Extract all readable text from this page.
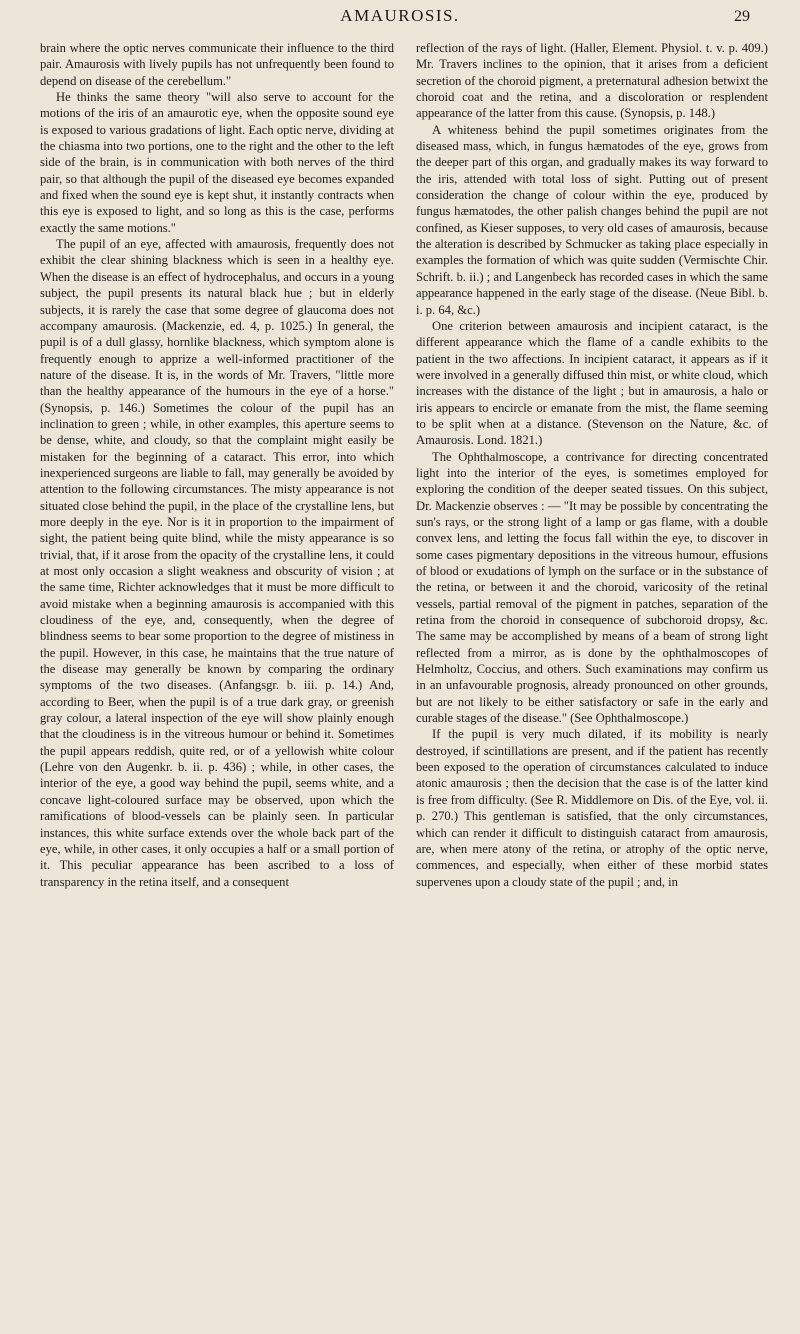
AMAUROSIS.	29

brain where the optic nerves communicate their influence to the third pair. Amaurosis with lively pupils has not unfrequently been found to depend on disease of the cerebellum."

He thinks the same theory "will also serve to account for the motions of the iris of an amaurotic eye, when the opposite sound eye is exposed to various gradations of light. Each optic nerve, dividing at the chiasma into two portions, one to the right and the other to the left side of the brain, is in communication with both nerves of the third pair, so that although the pupil of the diseased eye becomes expanded and fixed when the sound eye is kept shut, it instantly contracts when this eye is exposed to light, and so long as this is the case, performs exactly the same motions."

The pupil of an eye, affected with amaurosis, frequently does not exhibit the clear shining blackness which is seen in a healthy eye. When the disease is an effect of hydrocephalus, and occurs in a young subject, the pupil presents its natural black hue ; but in elderly subjects, it is rarely the case that some degree of glaucoma does not accompany amaurosis. (Mackenzie, ed. 4, p. 1025.) In general, the pupil is of a dull glassy, hornlike blackness, which symptom alone is frequently enough to apprize a well-informed practitioner of the nature of the disease. It is, in the words of Mr. Travers, "little more than the healthy appearance of the humours in the eye of a horse." (Synopsis, p. 146.) Sometimes the colour of the pupil has an inclination to green ; while, in other examples, this aperture seems to be dense, white, and cloudy, so that the complaint might easily be mistaken for the beginning of a cataract. This error, into which inexperienced surgeons are liable to fall, may generally be avoided by attention to the following circumstances. The misty appearance is not situated close behind the pupil, in the place of the crystalline lens, but more deeply in the eye. Nor is it in proportion to the impairment of sight, the patient being quite blind, while the misty appearance is so trivial, that, if it arose from the opacity of the crystalline lens, it could at most only occasion a slight weakness and obscurity of vision ; at the same time, Richter acknowledges that it must be more difficult to avoid mistake when a beginning amaurosis is accompanied with this cloudiness of the eye, and, consequently, when the degree of blindness seems to bear some proportion to the degree of mistiness in the pupil. However, in this case, he maintains that the true nature of the disease may generally be known by comparing the ordinary symptoms of the two diseases. (Anfangsgr. b. iii. p. 14.) And, according to Beer, when the pupil is of a true dark gray, or greenish gray colour, a lateral inspection of the eye will show plainly enough that the cloudiness is in the vitreous humour or behind it. Sometimes the pupil appears reddish, quite red, or of a yellowish white colour (Lehre von den Augenkr. b. ii. p. 436) ; while, in other cases, the interior of the eye, a good way behind the pupil, seems white, and a concave light-coloured surface may be observed, upon which the ramifications of blood-vessels can be plainly seen. In particular instances, this white surface extends over the whole back part of the eye, while, in other cases, it only occupies a half or a small portion of it. This peculiar appearance has been ascribed to a loss of transparency in the retina itself, and a consequent

reflection of the rays of light. (Haller, Element. Physiol. t. v. p. 409.) Mr. Travers inclines to the opinion, that it arises from a deficient secretion of the choroid pigment, a preternatural adhesion betwixt the choroid coat and the retina, and a discoloration or resplendent appearance of the latter from this cause. (Synopsis, p. 148.)

A whiteness behind the pupil sometimes originates from the diseased mass, which, in fungus hæmatodes of the eye, grows from the deeper part of this organ, and gradually makes its way forward to the iris, attended with total loss of sight. Putting out of present consideration the change of colour within the eye, produced by fungus hæmatodes, the other palish changes behind the pupil are not confined, as Kieser supposes, to very old cases of amaurosis, because the alteration is described by Schmucker as taking place especially in examples the formation of which was quite sudden (Vermischte Chir. Schrift. b. ii.) ; and Langenbeck has recorded cases in which the same appearance happened in the early stage of the disease. (Neue Bibl. b. i. p. 64, &c.)

One criterion between amaurosis and incipient cataract, is the different appearance which the flame of a candle exhibits to the patient in the two affections. In incipient cataract, it appears as if it were involved in a generally diffused thin mist, or white cloud, which increases with the distance of the light ; but in amaurosis, a halo or iris appears to encircle or emanate from the mist, the flame seeming to be split when at a distance. (Stevenson on the Nature, &c. of Amaurosis. Lond. 1821.)

The Ophthalmoscope, a contrivance for directing concentrated light into the interior of the eyes, is sometimes employed for exploring the condition of the deeper seated tissues. On this subject, Dr. Mackenzie observes : — "It may be possible by concentrating the sun's rays, or the strong light of a lamp or gas flame, with a double convex lens, and letting the focus fall within the eye, to discover in some cases pigmentary depositions in the vitreous humour, effusions of blood or exudations of lymph on the surface or in the substance of the retina, or between it and the choroid, varicosity of the retinal vessels, partial removal of the pigment in patches, separation of the retina from the choroid in consequence of subchoroid dropsy, &c. The same may be accomplished by means of a beam of strong light reflected from a mirror, as is done by the ophthalmoscopes of Helmholtz, Coccius, and others. Such examinations may confirm us in an unfavourable prognosis, already pronounced on other grounds, but are not likely to be either satisfactory or safe in the early and curable stages of the disease." (See Ophthalmoscope.)

If the pupil is very much dilated, if its mobility is nearly destroyed, if scintillations are present, and if the patient has recently been exposed to the operation of circumstances calculated to induce atonic amaurosis ; then the decision that the case is of the latter kind is free from difficulty. (See R. Middlemore on Dis. of the Eye, vol. ii. p. 270.) This gentleman is satisfied, that the only circumstances, which can render it difficult to distinguish cataract from amaurosis, are, when mere atony of the retina, or atrophy of the optic nerve, commences, and especially, when either of these morbid states supervenes upon a cloudy state of the pupil ; and, in
